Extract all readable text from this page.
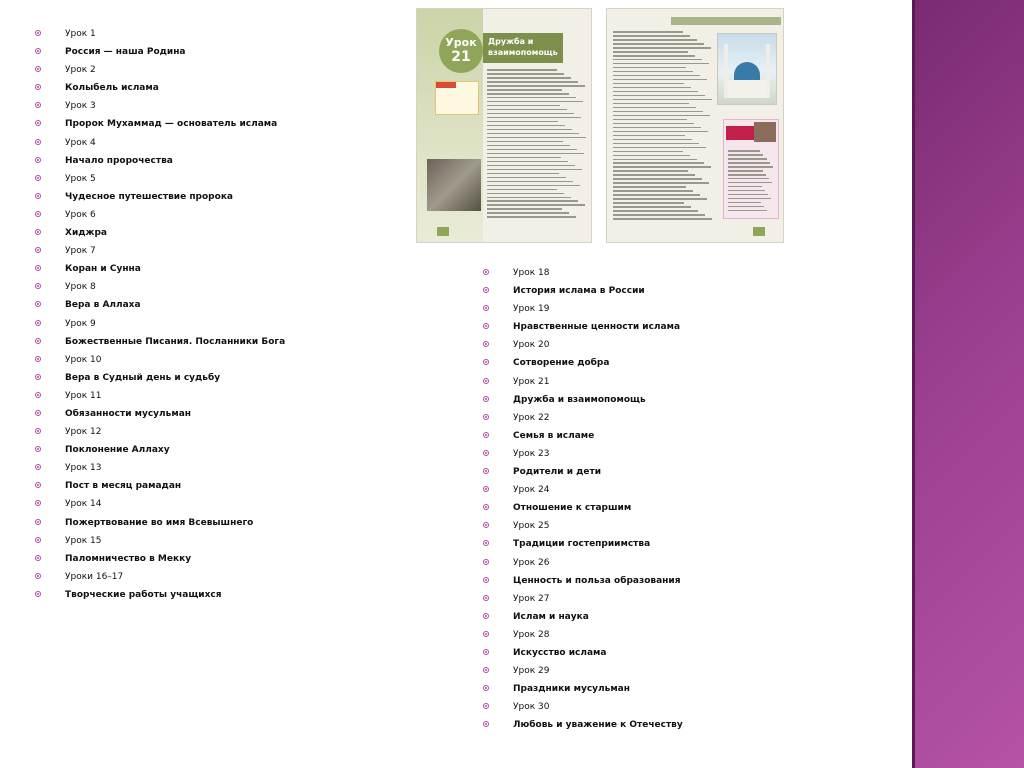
Урок 1
Россия — наша Родина
Урок 2
Колыбель ислама
Урок 3
Пророк Мухаммад — основатель ислама
Урок 4
Начало пророчества
Урок 5
Чудесное путешествие пророка
Урок 6
Хиджра
Урок 7
Коран и Сунна
Урок 8
Вера в Аллаха
Урок 9
Божественные Писания. Посланники Бога
Урок 10
Вера в Судный день и судьбу
Урок 11
Обязанности мусульман
Урок 12
Поклонение Аллаху
Урок 13
Пост в месяц рамадан
Урок 14
Пожертвование во имя Всевышнего
Урок 15
Паломничество в Мекку
Уроки 16–17
Творческие работы учащихся
Урок 18
История ислама в России
Урок 19
Нравственные ценности ислама
Урок 20
Сотворение добра
Урок 21
Дружба и взаимопомощь
Урок 22
Семья в исламе
Урок 23
Родители и дети
Урок 24
Отношение к старшим
Урок 25
Традиции гостеприимства
Урок 26
Ценность и польза образования
Урок 27
Ислам и наука
Урок 28
Искусство ислама
Урок 29
Праздники мусульман
Урок 30
Любовь и уважение к Отечеству
Урок
21
Дружба и взаимопомощь
